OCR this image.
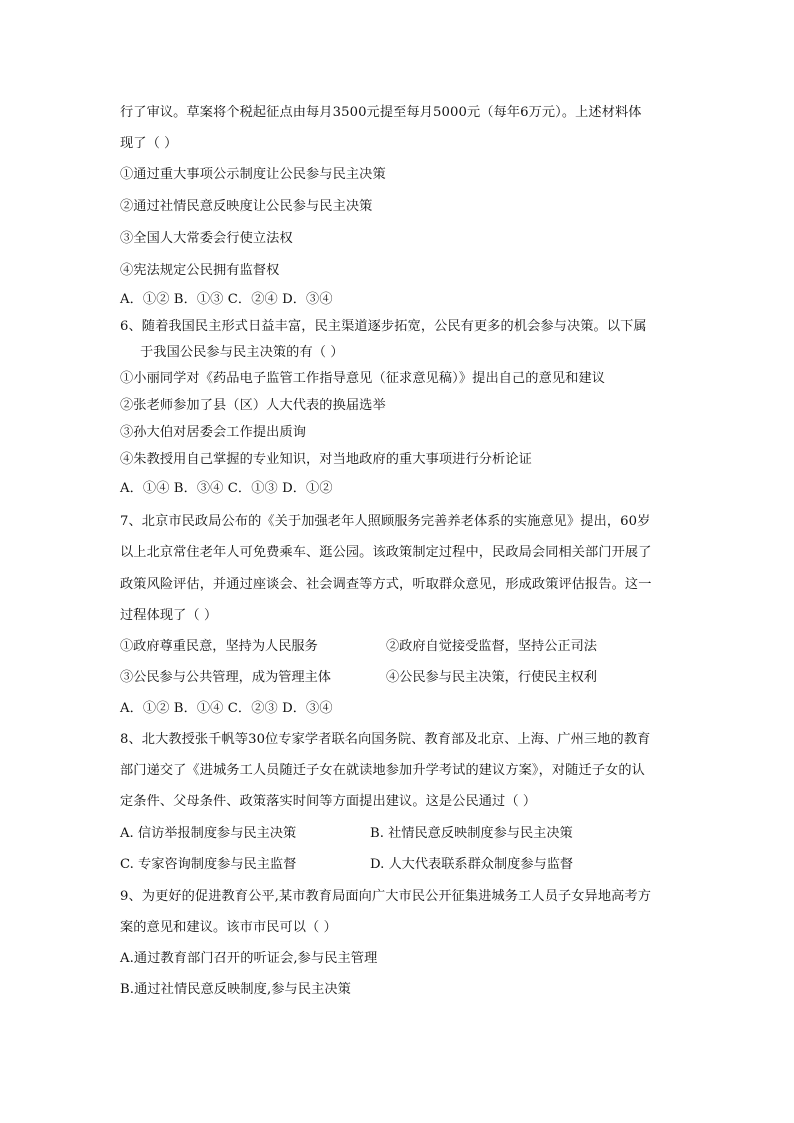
行了审议。草案将个税起征点由每月3500元提至每月5000元（每年6万元）。上述材料体
现了（ ）
①通过重大事项公示制度让公民参与民主决策
②通过社情民意反映度让公民参与民主决策
③全国人大常委会行使立法权
④宪法规定公民拥有监督权
A．①② B．①③ C．②④ D．③④
6、随着我国民主形式日益丰富，民主渠道逐步拓宽，公民有更多的机会参与决策。以下属
于我国公民参与民主决策的有（ ）
①小丽同学对《药品电子监管工作指导意见（征求意见稿）》提出自己的意见和建议
②张老师参加了县（区）人大代表的换届选举
③孙大伯对居委会工作提出质询
④朱教授用自己掌握的专业知识，对当地政府的重大事项进行分析论证
A．①④ B．③④ C．①③ D．①②
7、北京市民政局公布的《关于加强老年人照顾服务完善养老体系的实施意见》提出，60岁
以上北京常住老年人可免费乘车、逛公园。该政策制定过程中，民政局会同相关部门开展了
政策风险评估，并通过座谈会、社会调查等方式，听取群众意见，形成政策评估报告。这一
过程体现了（ ）
①政府尊重民意，坚持为人民服务	②政府自觉接受监督，坚持公正司法
③公民参与公共管理，成为管理主体	④公民参与民主决策，行使民主权利
A．①② B．①④ C．②③ D．③④
8、北大教授张千帆等30位专家学者联名向国务院、教育部及北京、上海、广州三地的教育
部门递交了《进城务工人员随迁子女在就读地参加升学考试的建议方案》，对随迁子女的认
定条件、父母条件、政策落实时间等方面提出建议。这是公民通过（ ）
A. 信访举报制度参与民主决策	B. 社情民意反映制度参与民主决策
C. 专家咨询制度参与民主监督	D. 人大代表联系群众制度参与监督
9、为更好的促进教育公平,某市教育局面向广大市民公开征集进城务工人员子女异地高考方
案的意见和建议。该市市民可以（ ）
A.通过教育部门召开的听证会,参与民主管理
B.通过社情民意反映制度,参与民主决策
